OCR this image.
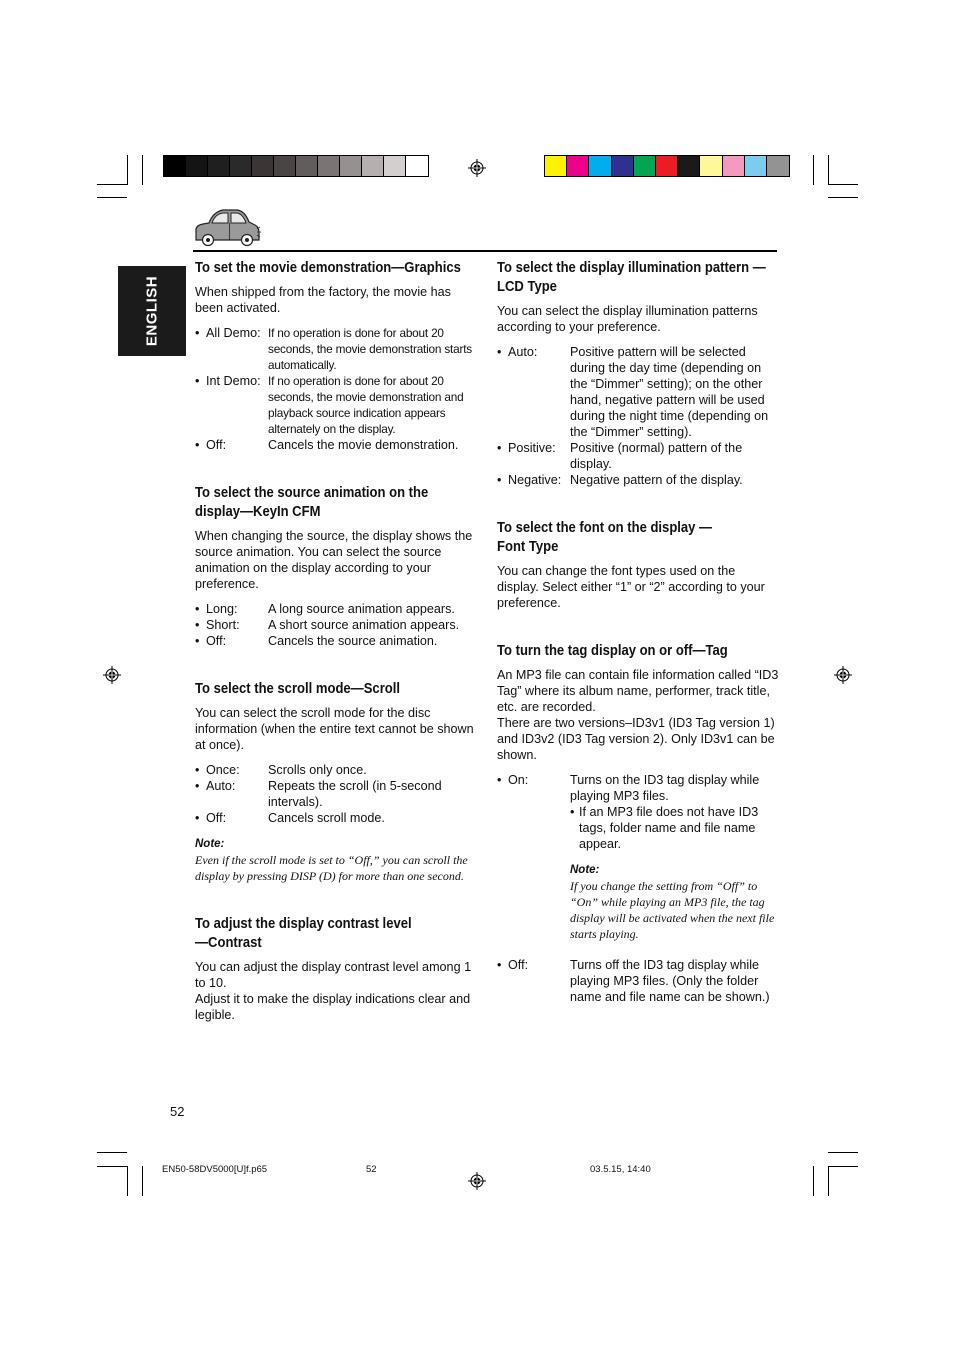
ENGLISH
To set the movie demonstration—Graphics

When shipped from the factory, the movie has been activated.

• All Demo: If no operation is done for about 20 seconds, the movie demonstration starts automatically.
• Int Demo: If no operation is done for about 20 seconds, the movie demonstration and playback source indication appears alternately on the display.
• Off:	Cancels the movie demonstration.
To select the source animation on the display—KeyIn CFM

When changing the source, the display shows the source animation. You can select the source animation on the display according to your preference.

• Long:	A long source animation appears.
• Short:	A short source animation appears.
• Off:	Cancels the source animation.
To select the scroll mode—Scroll

You can select the scroll mode for the disc information (when the entire text cannot be shown at once).

• Once:	Scrolls only once.
• Auto:	Repeats the scroll (in 5-second intervals).
• Off:	Cancels scroll mode.
Note:
Even if the scroll mode is set to “Off,” you can scroll the display by pressing DISP (D) for more than one second.
To adjust the display contrast level —Contrast

You can adjust the display contrast level among 1 to 10.

Adjust it to make the display indications clear and legible.

To select the display illumination pattern —LCD Type

You can select the display illumination patterns according to your preference.

• Auto:	Positive pattern will be selected during the day time (depending on the “Dimmer” setting); on the other hand, negative pattern will be used during the night time (depending on the “Dimmer” setting).
• Positive:	Positive (normal) pattern of the display.
• Negative: Negative pattern of the display.
To select the font on the display —Font Type

You can change the font types used on the display. Select either “1” or “2” according to your preference.

To turn the tag display on or off—Tag

An MP3 file can contain file information called “ID3 Tag” where its album name, performer, track title, etc. are recorded.

There are two versions–ID3v1 (ID3 Tag version 1) and ID3v2 (ID3 Tag version 2). Only ID3v1 can be shown.

• On:	Turns on the ID3 tag display while playing MP3 files.
• If an MP3 file does not have ID3 tags, folder name and file name appear.
Note:
If you change the setting from “Off” to “On” while playing an MP3 file, the tag display will be activated when the next file starts playing.
• Off:	Turns off the ID3 tag display while playing MP3 files. (Only the folder name and file name can be shown.)
52
EN50-58DV5000[U]f.p65	52	03.5.15, 14:40
